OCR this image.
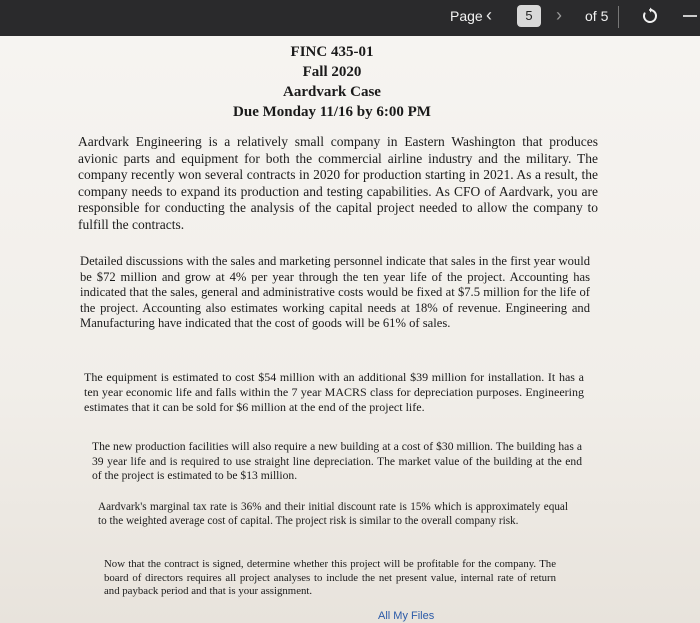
Page ‹	5	› of 5
FINC 435-01
Fall 2020
Aardvark Case
Due Monday 11/16 by 6:00 PM
Aardvark Engineering is a relatively small company in Eastern Washington that produces avionic parts and equipment for both the commercial airline industry and the military. The company recently won several contracts in 2020 for production starting in 2021. As a result, the company needs to expand its production and testing capabilities. As CFO of Aardvark, you are responsible for conducting the analysis of the capital project needed to allow the company to fulfill the contracts.
Detailed discussions with the sales and marketing personnel indicate that sales in the first year would be $72 million and grow at 4% per year through the ten year life of the project. Accounting has indicated that the sales, general and administrative costs would be fixed at $7.5 million for the life of the project. Accounting also estimates working capital needs at 18% of revenue. Engineering and Manufacturing have indicated that the cost of goods will be 61% of sales.
The equipment is estimated to cost $54 million with an additional $39 million for installation. It has a ten year economic life and falls within the 7 year MACRS class for depreciation purposes. Engineering estimates that it can be sold for $6 million at the end of the project life.
The new production facilities will also require a new building at a cost of $30 million. The building has a 39 year life and is required to use straight line depreciation. The market value of the building at the end of the project is estimated to be $13 million.
Aardvark's marginal tax rate is 36% and their initial discount rate is 15% which is approximately equal to the weighted average cost of capital. The project risk is similar to the overall company risk.
Now that the contract is signed, determine whether this project will be profitable for the company. The board of directors requires all project analyses to include the net present value, internal rate of return and payback period and that is your assignment.
All My Files
